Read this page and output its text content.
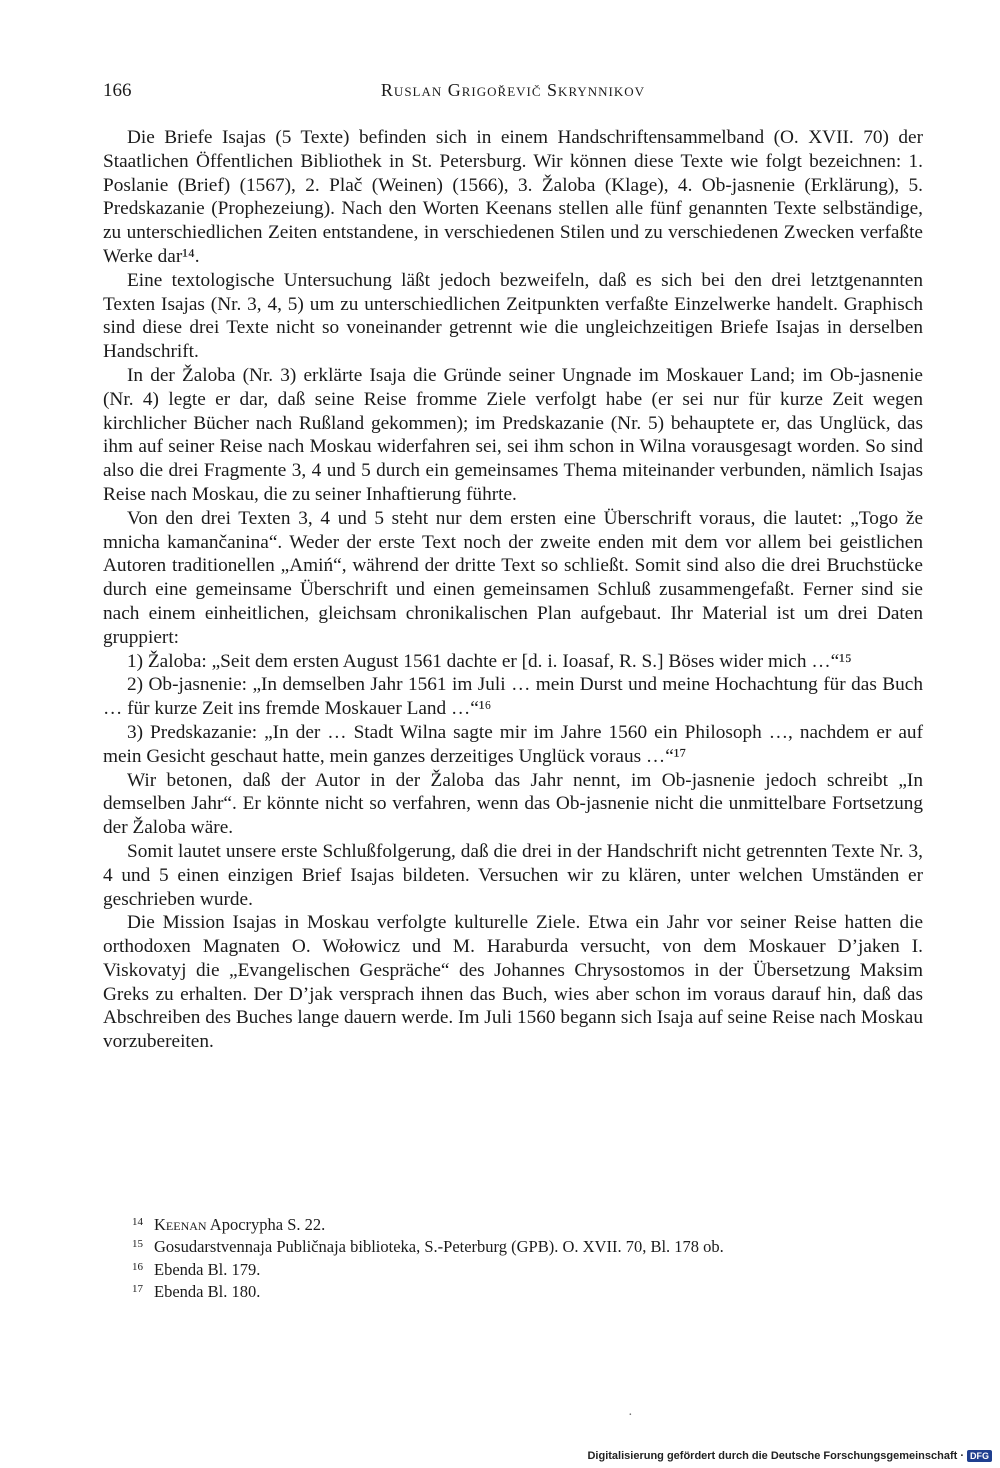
166	Ruslan Grigořevič Skrynnikov

Die Briefe Isajas (5 Texte) befinden sich in einem Handschriftensammelband (O. XVII. 70) der Staatlichen Öffentlichen Bibliothek in St. Petersburg. Wir können diese Texte wie folgt bezeichnen: 1. Poslanie (Brief) (1567), 2. Plač (Weinen) (1566), 3. Žaloba (Klage), 4. Ob-jasnenie (Erklärung), 5. Predskazanie (Prophezeiung). Nach den Worten Keenans stellen alle fünf genannten Texte selbständige, zu unterschiedlichen Zeiten entstandene, in verschiedenen Stilen und zu verschiedenen Zwecken verfaßte Werke dar¹⁴.

Eine textologische Untersuchung läßt jedoch bezweifeln, daß es sich bei den drei letztgenannten Texten Isajas (Nr. 3, 4, 5) um zu unterschiedlichen Zeitpunkten verfaßte Einzelwerke handelt. Graphisch sind diese drei Texte nicht so voneinander getrennt wie die ungleichzeitigen Briefe Isajas in derselben Handschrift.

In der Žaloba (Nr. 3) erklärte Isaja die Gründe seiner Ungnade im Moskauer Land; im Ob-jasnenie (Nr. 4) legte er dar, daß seine Reise fromme Ziele verfolgt habe (er sei nur für kurze Zeit wegen kirchlicher Bücher nach Rußland gekommen); im Predskazanie (Nr. 5) behauptete er, das Unglück, das ihm auf seiner Reise nach Moskau widerfahren sei, sei ihm schon in Wilna vorausgesagt worden. So sind also die drei Fragmente 3, 4 und 5 durch ein gemeinsames Thema miteinander verbunden, nämlich Isajas Reise nach Moskau, die zu seiner Inhaftierung führte.

Von den drei Texten 3, 4 und 5 steht nur dem ersten eine Überschrift voraus, die lautet: „Togo že mnicha kamančanina“. Weder der erste Text noch der zweite enden mit dem vor allem bei geistlichen Autoren traditionellen „Amiń“, während der dritte Text so schließt. Somit sind also die drei Bruchstücke durch eine gemeinsame Überschrift und einen gemeinsamen Schluß zusammengefaßt. Ferner sind sie nach einem einheitlichen, gleichsam chronikalischen Plan aufgebaut. Ihr Material ist um drei Daten gruppiert:

1) Žaloba: „Seit dem ersten August 1561 dachte er [d. i. Ioasaf, R. S.] Böses wider mich …“¹⁵

2) Ob-jasnenie: „In demselben Jahr 1561 im Juli … mein Durst und meine Hochachtung für das Buch … für kurze Zeit ins fremde Moskauer Land …“¹⁶

3) Predskazanie: „In der … Stadt Wilna sagte mir im Jahre 1560 ein Philosoph …, nachdem er auf mein Gesicht geschaut hatte, mein ganzes derzeitiges Unglück voraus …“¹⁷

Wir betonen, daß der Autor in der Žaloba das Jahr nennt, im Ob-jasnenie jedoch schreibt „In demselben Jahr“. Er könnte nicht so verfahren, wenn das Ob-jasnenie nicht die unmittelbare Fortsetzung der Žaloba wäre.

Somit lautet unsere erste Schlußfolgerung, daß die drei in der Handschrift nicht getrennten Texte Nr. 3, 4 und 5 einen einzigen Brief Isajas bildeten. Versuchen wir zu klären, unter welchen Umständen er geschrieben wurde.

Die Mission Isajas in Moskau verfolgte kulturelle Ziele. Etwa ein Jahr vor seiner Reise hatten die orthodoxen Magnaten O. Wołowicz und M. Haraburda versucht, von dem Moskauer D’jaken I. Viskovatyj die „Evangelischen Gespräche“ des Johannes Chrysostomos in der Übersetzung Maksim Greks zu erhalten. Der D’jak versprach ihnen das Buch, wies aber schon im voraus darauf hin, daß das Abschreiben des Buches lange dauern werde. Im Juli 1560 begann sich Isaja auf seine Reise nach Moskau vorzubereiten.

14 Keenan Apocrypha S. 22.
15 Gosudarstvennaja Publičnaja biblioteka, S.-Peterburg (GPB). O. XVII. 70, Bl. 178 ob.
16 Ebenda Bl. 179.
17 Ebenda Bl. 180.
·
Digitalisierung gefördert durch die Deutsche Forschungsgemeinschaft · DFG
